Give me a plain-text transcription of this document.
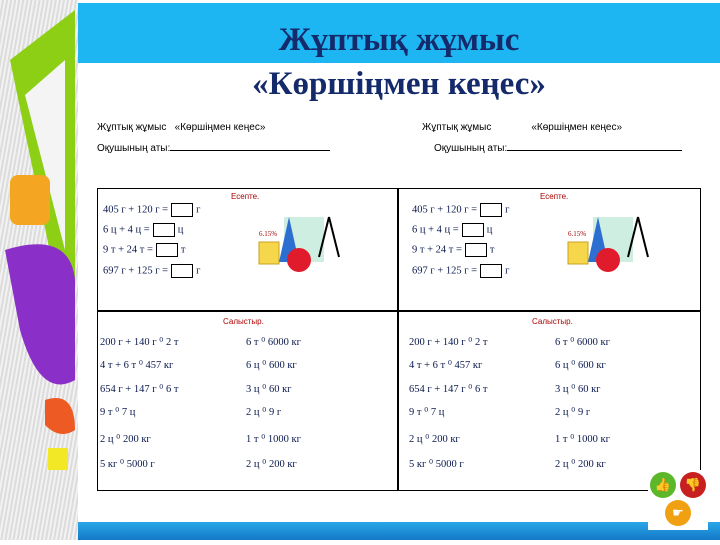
Жұптық жұмыс
«Көршіңмен кеңес»
Жұптық жұмыс «Көршіңмен кеңес»
Оқушының аты:
Жұптық жұмыс	«Көршіңмен кеңес»
Оқушының аты:
Есепте.
405 г + 120 г =	г
6 ц + 4 ц =	ц
9 т + 24 т =	т
697 г + 125 г =	г
6.15%
Салыстыр.
200 г + 140 г ⁰ 2 т	6 т ⁰ 6000 кг
4 т + 6 т ⁰ 457 кг	6 ц ⁰ 600 кг
654 г + 147 г ⁰ 6 т	3 ц ⁰ 60 кг
9 т ⁰ 7 ц	2 ц ⁰ 9 г
2 ц ⁰ 200 кг	1 т ⁰ 1000 кг
5 кг ⁰ 5000 г	2 ц ⁰ 200 кг
Есепте.
405 г + 120 г =	г
6 ц + 4 ц =	ц
9 т + 24 т =	т
697 г + 125 г =	г
6.15%
Салыстыр.
200 г + 140 г ⁰ 2 т	6 т ⁰ 6000 кг
4 т + 6 т ⁰ 457 кг	6 ц ⁰ 600 кг
654 г + 147 г ⁰ 6 т	3 ц ⁰ 60 кг
9 т ⁰ 7 ц	2 ц ⁰ 9 г
2 ц ⁰ 200 кг	1 т ⁰ 1000 кг
5 кг ⁰ 5000 г	2 ц ⁰ 200 кг
👍	👎
☛
